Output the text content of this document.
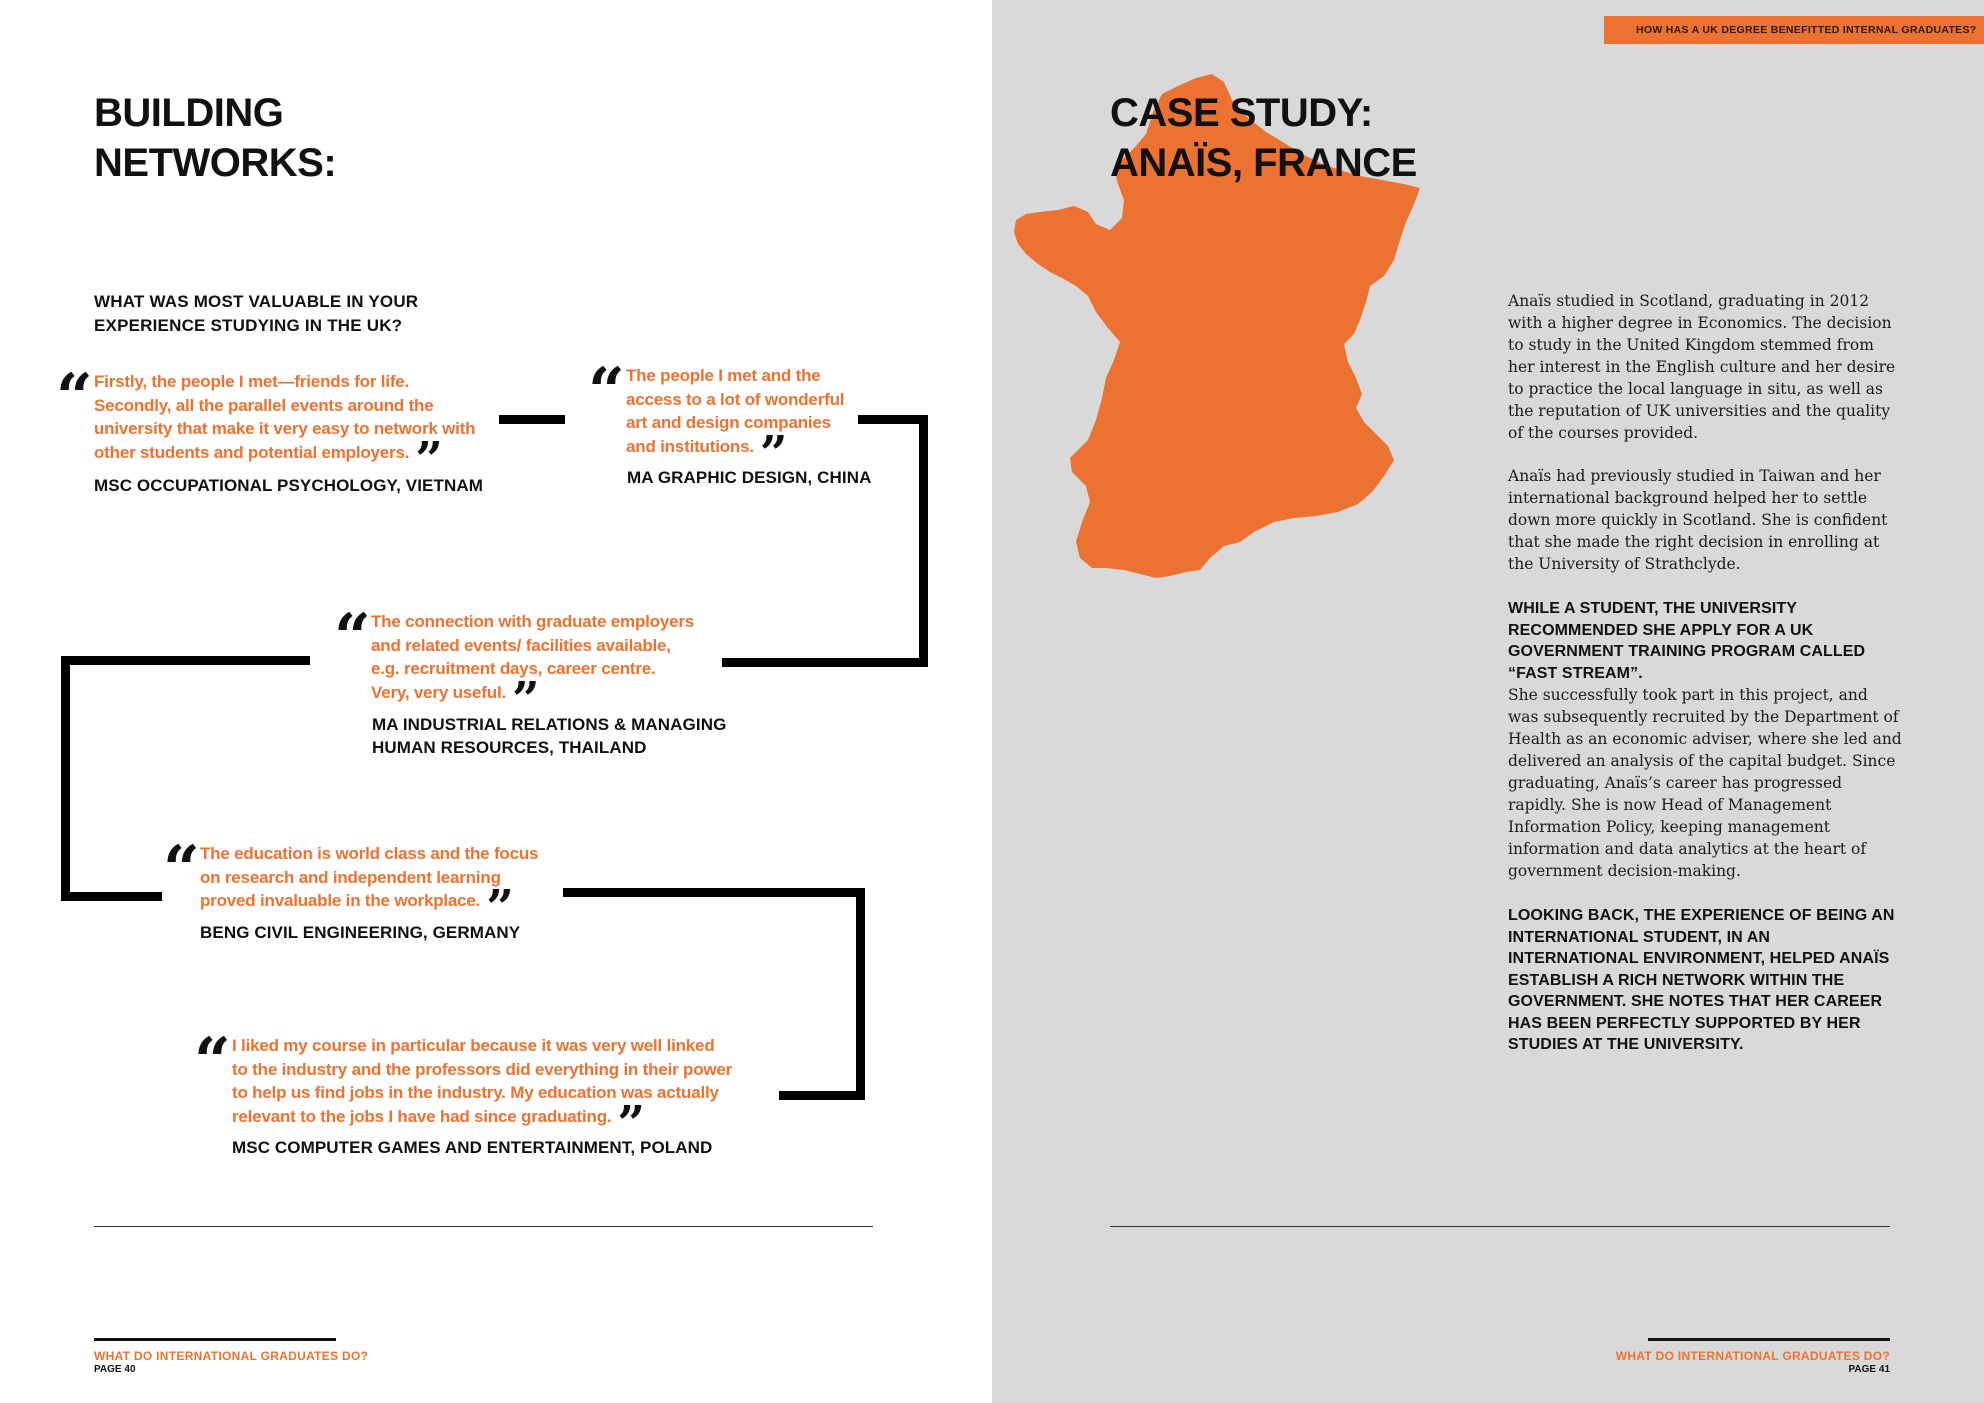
HOW HAS A UK DEGREE BENEFITTED INTERNAL GRADUATES?
BUILDING
NETWORKS:
WHAT WAS MOST VALUABLE IN YOUR
EXPERIENCE STUDYING IN THE UK?
“ Firstly, the people I met—friends for life.
Secondly, all the parallel events around the
university that make it very easy to network with
other students and potential employers. ”
MSC OCCUPATIONAL PSYCHOLOGY, VIETNAM
“ The people I met and the
access to a lot of wonderful
art and design companies
and institutions. ”
MA GRAPHIC DESIGN, CHINA
“ The connection with graduate employers
and related events/ facilities available,
e.g. recruitment days, career centre.
Very, very useful. ”
MA INDUSTRIAL RELATIONS & MANAGING
HUMAN RESOURCES, THAILAND
“ The education is world class and the focus
on research and independent learning
proved invaluable in the workplace. ”
BENG CIVIL ENGINEERING, GERMANY
“ I liked my course in particular because it was very well linked
to the industry and the professors did everything in their power
to help us find jobs in the industry. My education was actually
relevant to the jobs I have had since graduating. ”
MSC COMPUTER GAMES AND ENTERTAINMENT, POLAND
WHAT DO INTERNATIONAL GRADUATES DO?
PAGE 40
CASE STUDY:
ANAÏS, FRANCE
Anaïs studied in Scotland, graduating in 2012 with a higher degree in Economics. The decision to study in the United Kingdom stemmed from her interest in the English culture and her desire to practice the local language in situ, as well as the reputation of UK universities and the quality of the courses provided.
Anaïs had previously studied in Taiwan and her international background helped her to settle down more quickly in Scotland. She is confident that she made the right decision in enrolling at the University of Strathclyde.
WHILE A STUDENT, THE UNIVERSITY RECOMMENDED SHE APPLY FOR A UK GOVERNMENT TRAINING PROGRAM CALLED “FAST STREAM”.
She successfully took part in this project, and was subsequently recruited by the Department of Health as an economic adviser, where she led and delivered an analysis of the capital budget. Since graduating, Anaïs’s career has progressed rapidly. She is now Head of Management Information Policy, keeping management information and data analytics at the heart of government decision-making.
LOOKING BACK, THE EXPERIENCE OF BEING AN INTERNATIONAL STUDENT, IN AN INTERNATIONAL ENVIRONMENT, HELPED ANAÏS ESTABLISH A RICH NETWORK WITHIN THE GOVERNMENT. SHE NOTES THAT HER CAREER HAS BEEN PERFECTLY SUPPORTED BY HER STUDIES AT THE UNIVERSITY.
WHAT DO INTERNATIONAL GRADUATES DO?
PAGE 41
